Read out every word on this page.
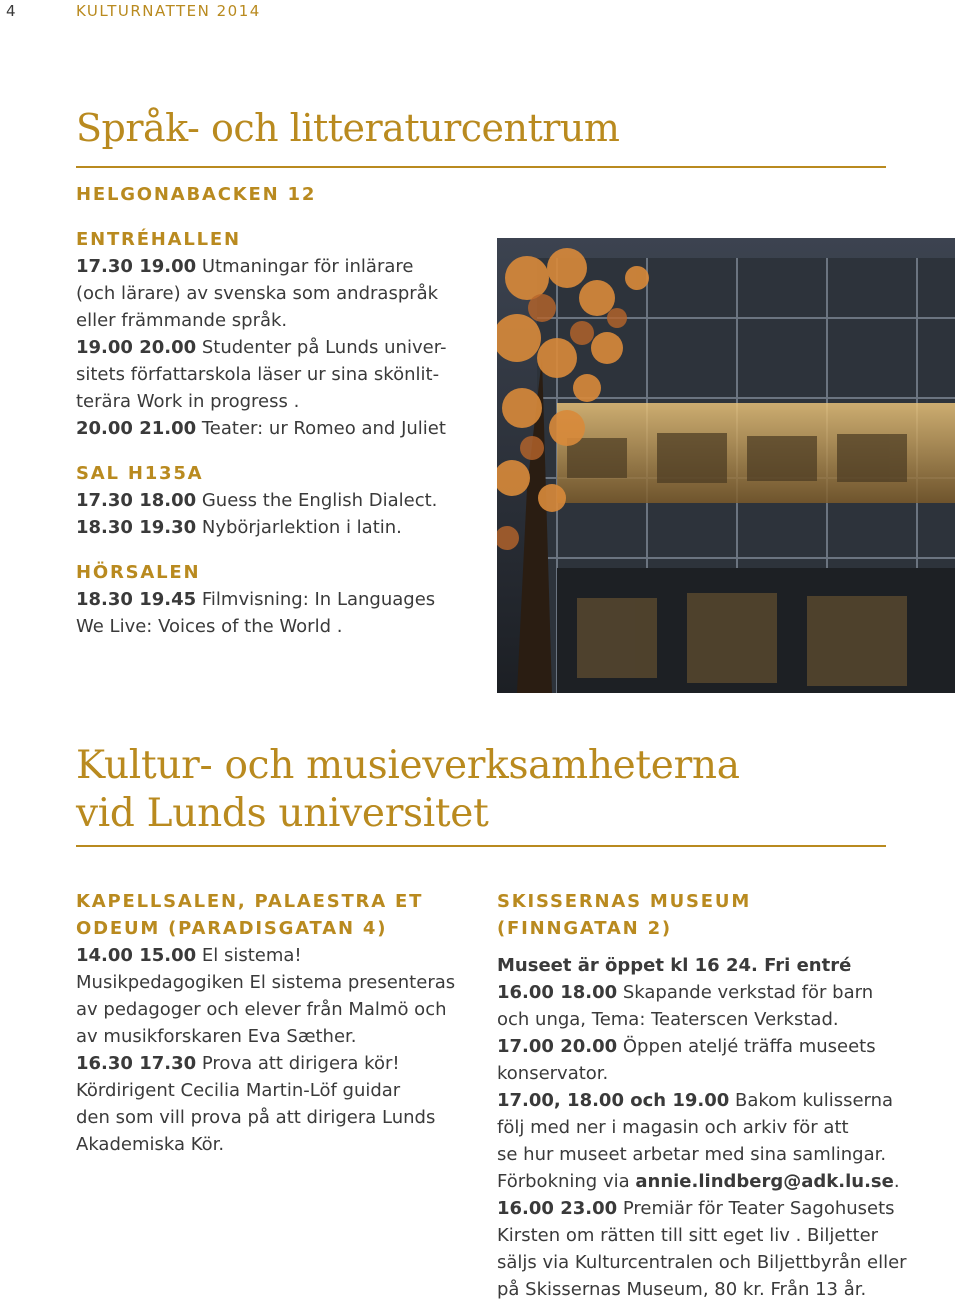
4	KULTURNATTEN 2014
Språk- och litteraturcentrum

HELGONABACKEN 12

ENTRÉHALLEN

17.30 19.00 Utmaningar för inlärare

(och lärare) av svenska som andraspråk

eller främmande språk.

19.00 20.00 Studenter på Lunds univer-

sitets författarskola läser ur sina skönlit-

terära Work in progress .

20.00 21.00 Teater: ur Romeo and Juliet

SAL H135A

17.30 18.00 Guess the English Dialect.

18.30 19.30 Nybörjarlektion i latin.

HÖRSALEN

18.30 19.45 Filmvisning: In Languages

We Live: Voices of the World .

Kultur- och musieverksamheterna
vid Lunds universitet

KAPELLSALEN, PALAESTRA ET

ODEUM (PARADISGATAN 4)

14.00 15.00 El sistema!

Musikpedagogiken El sistema presenteras

av pedagoger och elever från Malmö och

av musikforskaren Eva Sæther.

16.30 17.30 Prova att dirigera kör!

Kördirigent Cecilia Martin-Löf guidar

den som vill prova på att dirigera Lunds

Akademiska Kör.

SKISSERNAS MUSEUM

(FINNGATAN 2)

Museet är öppet kl 16 24. Fri entré

16.00 18.00 Skapande verkstad för barn

och unga, Tema: Teaterscen Verkstad.

17.00 20.00 Öppen ateljé träffa museets

konservator.

17.00, 18.00 och 19.00 Bakom kulisserna

följ med ner i magasin och arkiv för att

se hur museet arbetar med sina samlingar.

Förbokning via annie.lindberg@adk.lu.se.

16.00 23.00 Premiär för Teater Sagohusets

Kirsten om rätten till sitt eget liv . Biljetter

säljs via Kulturcentralen och Biljettbyrån eller

på Skissernas Museum, 80 kr. Från 13 år.
